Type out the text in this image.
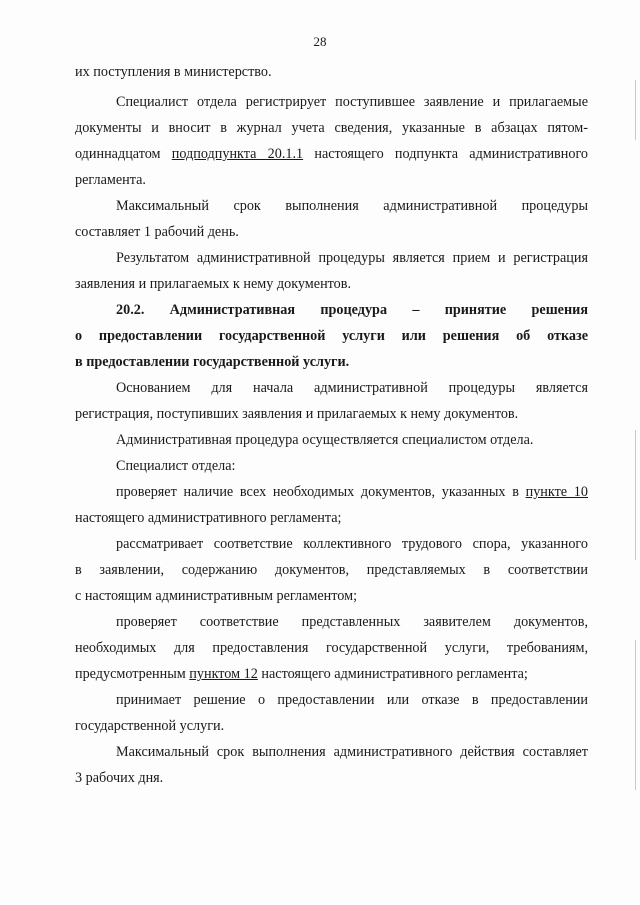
28
их поступления в министерство.
Специалист отдела регистрирует поступившее заявление и прилагаемые
документы и вносит в журнал учета сведения, указанные в абзацах пятом-
одиннадцатом подподпункта 20.1.1 настоящего подпункта административного
регламента.
Максимальный срок выполнения административной процедуры
составляет 1 рабочий день.
Результатом административной процедуры является прием и регистрация
заявления и прилагаемых к нему документов.
20.2. Административная процедура – принятие решения
о предоставлении государственной услуги или решения об отказе
в предоставлении государственной услуги.
Основанием для начала административной процедуры является
регистрация, поступивших заявления и прилагаемых к нему документов.
Административная процедура осуществляется специалистом отдела.
Специалист отдела:
проверяет наличие всех необходимых документов, указанных в пункте 10
настоящего административного регламента;
рассматривает соответствие коллективного трудового спора, указанного
в заявлении, содержанию документов, представляемых в соответствии
с настоящим административным регламентом;
проверяет соответствие представленных заявителем документов,
необходимых для предоставления государственной услуги, требованиям,
предусмотренным пунктом 12 настоящего административного регламента;
принимает решение о предоставлении или отказе в предоставлении
государственной услуги.
Максимальный срок выполнения административного действия составляет
3 рабочих дня.
